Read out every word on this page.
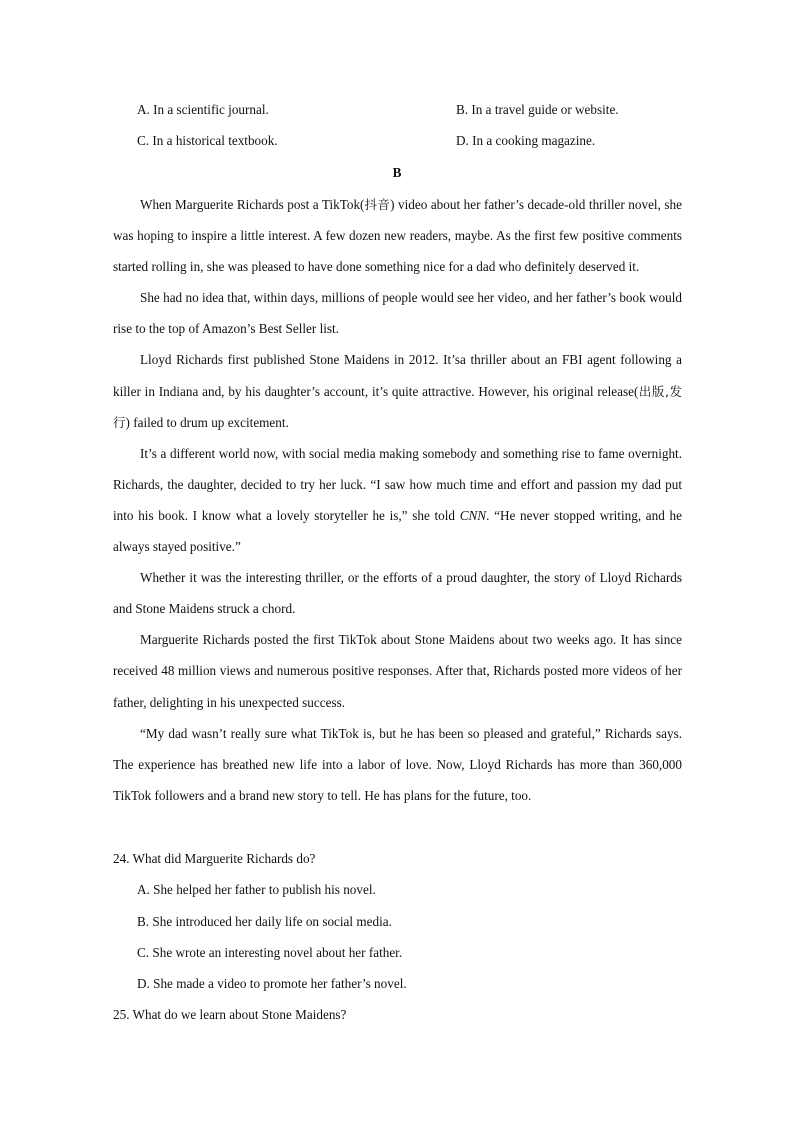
A. In a scientific journal.	B. In a travel guide or website.
C. In a historical textbook.	D. In a cooking magazine.
B

When Marguerite Richards post a TikTok(抖音) video about her father’s decade-old thriller novel, she was hoping to inspire a little interest. A few dozen new readers, maybe. As the first few positive comments started rolling in, she was pleased to have done something nice for a dad who definitely deserved it.

She had no idea that, within days, millions of people would see her video, and her father’s book would rise to the top of Amazon’s Best Seller list.

Lloyd Richards first published Stone Maidens in 2012. It’sa thriller about an FBI agent following a killer in Indiana and, by his daughter’s account, it’s quite attractive. However, his original release(出版,发行) failed to drum up excitement.

It’s a different world now, with social media making somebody and something rise to fame overnight. Richards, the daughter, decided to try her luck. “I saw how much time and effort and passion my dad put into his book. I know what a lovely storyteller he is,” she told CNN. “He never stopped writing, and he always stayed positive.”

Whether it was the interesting thriller, or the efforts of a proud daughter, the story of Lloyd Richards and Stone Maidens struck a chord.

Marguerite Richards posted the first TikTok about Stone Maidens about two weeks ago. It has since received 48 million views and numerous positive responses. After that, Richards posted more videos of her father, delighting in his unexpected success.

“My dad wasn’t really sure what TikTok is, but he has been so pleased and grateful,” Richards says. The experience has breathed new life into a labor of love. Now, Lloyd Richards has more than 360,000 TikTok followers and a brand new story to tell. He has plans for the future, too.

24. What did Marguerite Richards do?

A. She helped her father to publish his novel.

B. She introduced her daily life on social media.

C. She wrote an interesting novel about her father.

D. She made a video to promote her father’s novel.

25. What do we learn about Stone Maidens?
